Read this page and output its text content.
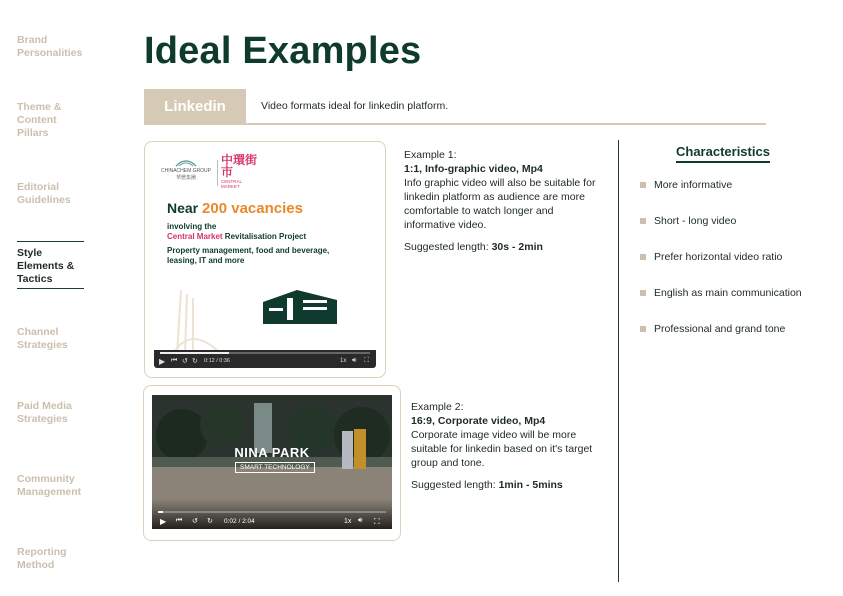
Brand Personalities
Theme & Content Pillars
Editorial Guidelines
Style Elements & Tactics
Channel Strategies
Paid Media Strategies
Community Management
Reporting Method
Ideal Examples
Linkedin	Video formats ideal for linkedin platform.
CHINACHEM GROUP
華懋集團
中環街市
CENTRAL MARKET
Near 200 vacancies
involving the
Central Market Revitalisation Project
Property management, food and beverage, leasing, IT and more
▶ ⏮ ↺ ↻ 0:12 / 0:36	1x 🔊︎ ⛶
Example 1:
1:1, Info-graphic video, Mp4
Info graphic video will also be suitable for linkedin platform as audience are more comfortable to watch longer and informative video.
Suggested length: 30s - 2min
NINA PARK
SMART TECHNOLOGY
▶ ⏮ ↺ ↻ 0:02 / 2:04	1x 🔊︎ ⛶
Example 2:
16:9, Corporate video, Mp4
Corporate image video will be more suitable for linkedin based on it's target group and tone.
Suggested length: 1min - 5mins
Characteristics
More informative
Short - long video
Prefer horizontal video ratio
English as main communication
Professional and grand tone
